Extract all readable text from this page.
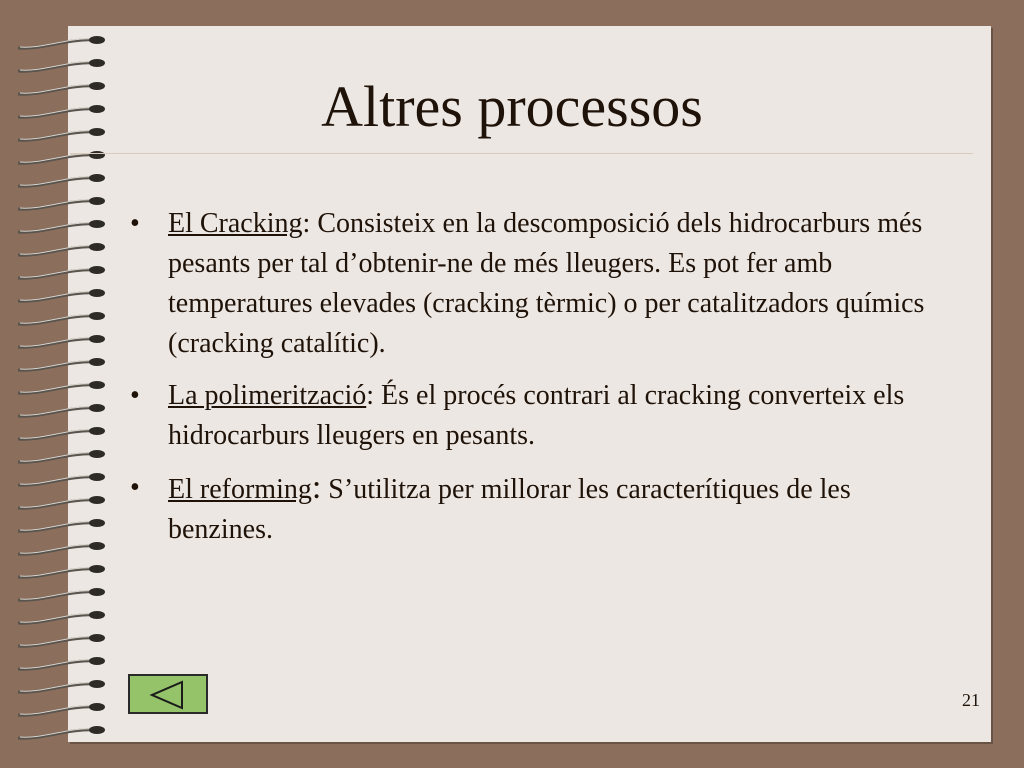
Altres processos
• El Cracking: Consisteix en la descomposició dels hidrocarburs més pesants per tal d’obtenir-ne de més lleugers. Es pot fer amb temperatures elevades (cracking tèrmic) o per catalitzadors químics (cracking catalític).
• La polimerització: És el procés contrari al cracking converteix els hidrocarburs lleugers en pesants.
• El reforming: S’utilitza per millorar les caracterítiques de les benzines.
21
